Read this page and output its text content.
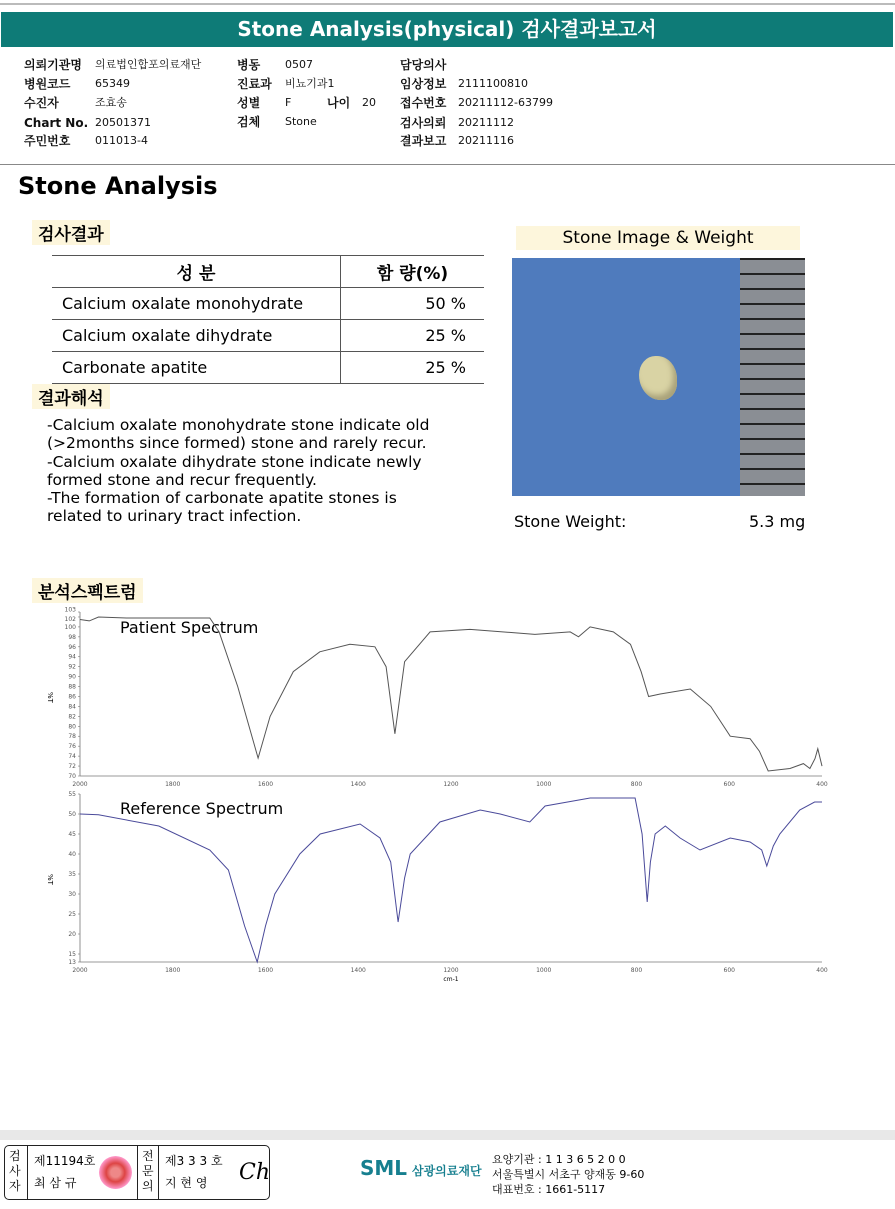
Stone Analysis(physical) 검사결과보고서
의뢰기관명 의료법인합포의료재단
병원코드 65349
수진자	조효송
Chart No. 20501371
주민번호 011013-4
병동 0507
진료과 비뇨기과1
성별 F	나이 20
검체 Stone
담당의사
임상정보 2111100810
접수번호 20211112-63799
검사의뢰 20211112
결과보고 20211116
Stone Analysis
검사결과
성 분	함 량(%)
Calcium oxalate monohydrate	50 %
Calcium oxalate dihydrate	25 %
Carbonate apatite	25 %
결과해석
-Calcium oxalate monohydrate stone indicate old
(>2months since formed) stone and rarely recur.
-Calcium oxalate dihydrate stone indicate newly
formed stone and recur frequently.
-The formation of carbonate apatite stones is
related to urinary tract infection.
Stone Image & Weight
Stone Weight:	5.3 mg
분석스펙트럼
Patient Spectrum
Reference Spectrum
%T
%T
cm-1
70
72
74
76
78
80
82
84
86
88
90
92
94
96
98
100
102
103
2000	1800	1600	1400	1200	1000	800	600	400
13
15
20
25
30
35
40
45
50
55
2000	1800	1600	1400	1200	1000	800	600	400
검
사
자
제11194호
최 삼 규
전
문
의
제3 3 3 호
지 현 영 Ch	SML 삼광의료재단
요양기관 : 1 1 3 6 5 2 0 0
서울특별시 서초구 양재동 9-60
대표번호 : 1661-5117
